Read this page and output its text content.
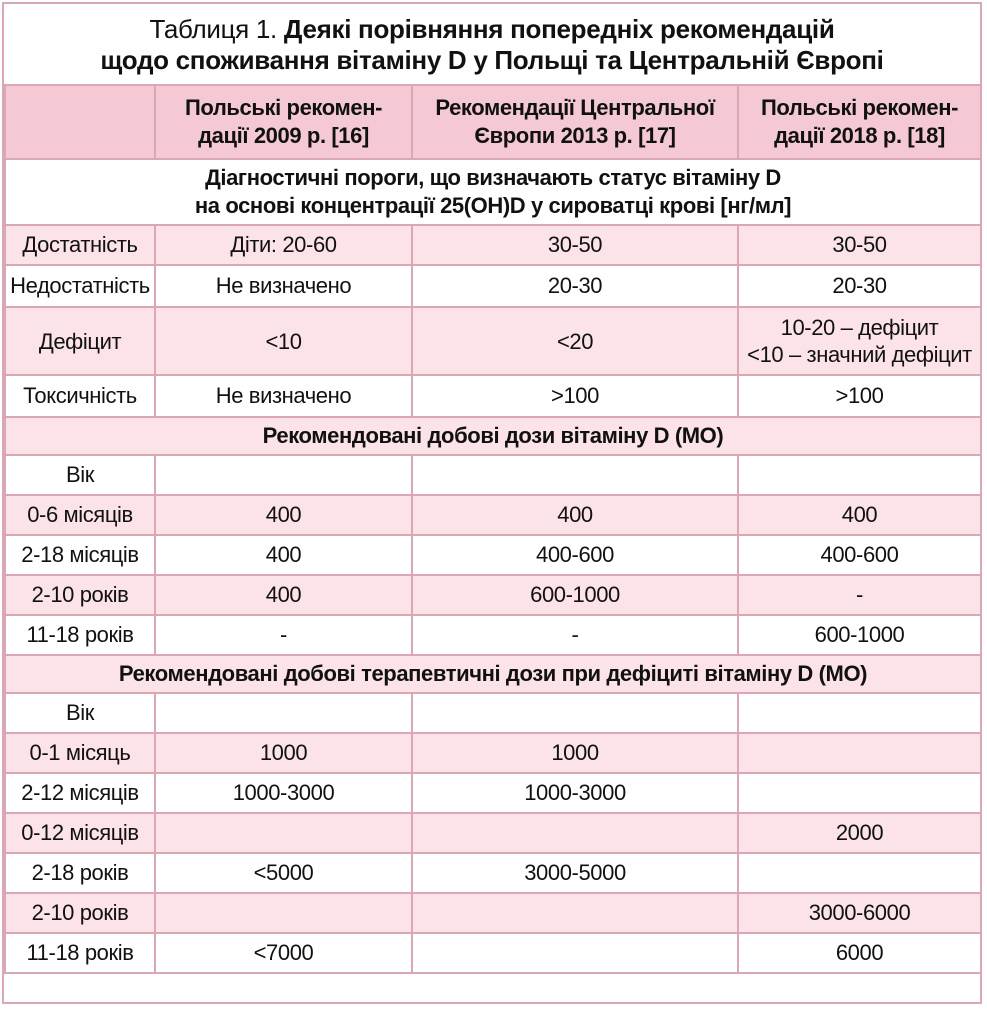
Таблиця 1. Деякі порівняння попередніх рекомендацій
щодо споживання вітаміну D у Польщі та Центральній Європі
	Польські рекомен-
дації 2009 р. [16]	Рекомендації Центральної
Європи 2013 р. [17]	Польські рекомен-
дації 2018 р. [18]
Діагностичні пороги, що визначають статус вітаміну D
на основі концентрації 25(OH)D у сироватці крові [нг/мл]			
Достатність	Діти: 20-60	30-50	30-50
Недостатність	Не визначено	20-30	20-30
Дефіцит	<10	<20	10-20 – дефіцит
<10 – значний дефіцит
Токсичність	Не визначено	>100	>100
Рекомендовані добові дози вітаміну D (МО)			
Вік			
0-6 місяців	400	400	400
2-18 місяців	400	400-600	400-600
2-10 років	400	600-1000	-
11-18 років	-	-	600-1000
Рекомендовані добові терапевтичні дози при дефіциті вітаміну D (МО)			
Вік			
0-1 місяць	1000	1000	
2-12 місяців	1000-3000	1000-3000	
0-12 місяців			2000
2-18 років	<5000	3000-5000	
2-10 років			3000-6000
11-18 років	<7000		6000
